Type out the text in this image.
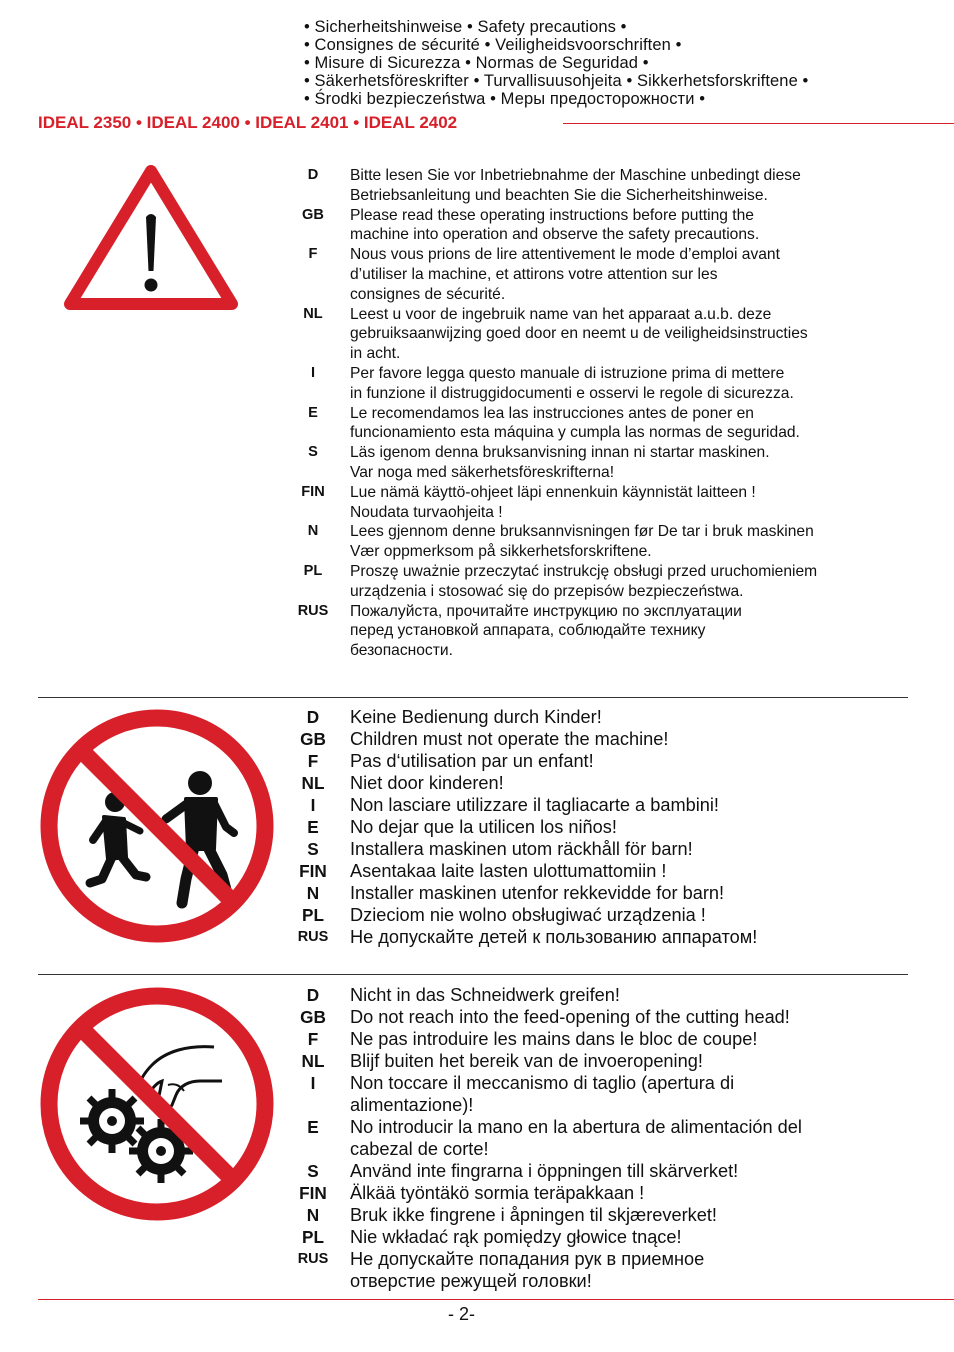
• Sicherheitshinweise • Safety precautions •
• Consignes de sécurité • Veiligheidsvoorschriften •
• Misure di Sicurezza • Normas de Seguridad •
• Säkerhetsföreskrifter • Turvallisuusohjeita • Sikkerhetsforskriftene •
• Środki bezpieczeństwa • Меры предосторожности •
IDEAL 2350 • IDEAL 2400 • IDEAL 2401 • IDEAL 2402
D	Bitte lesen Sie vor Inbetriebnahme der Maschine unbedingt diese
Betriebsanleitung und beachten Sie die Sicherheitshinweise.
GB	Please read these operating instructions before putting the
machine into operation and observe the safety precautions.
F	Nous vous prions de lire attentivement le mode d’emploi avant
d’utiliser la machine, et attirons votre attention sur les
consignes de sécurité.
NL	Leest u voor de ingebruik name van het apparaat a.u.b. deze
gebruiksaanwijzing goed door en neemt u de veiligheidsinstructies
in acht.
I	Per favore legga questo manuale di istruzione prima di mettere
in funzione il distruggidocumenti e osservi le regole di sicurezza.
E	Le recomendamos lea las instrucciones antes de poner en
funcionamiento esta máquina y cumpla las normas de seguridad.
S	Läs igenom denna bruksanvisning innan ni startar maskinen.
Var noga med säkerhetsföreskrifterna!
FIN	Lue nämä käyttö-ohjeet läpi ennenkuin käynnistät laitteen !
Noudata turvaohjeita !
N	Lees gjennom denne bruksannvisningen før De tar i bruk maskinen
Vær oppmerksom på sikkerhetsforskriftene.
PL	Proszę uważnie przeczytać instrukcję obsługi przed uruchomieniem
urządzenia i stosować się do przepisów bezpieczeństwa.
RUS	Пожалуйста, прочитайте инструкцию по эксплуатации
перед установкой аппарата, соблюдайте технику
безопасности.
D	Keine Bedienung durch Kinder!
GB	Children must not operate the machine!
F	Pas d‘utilisation par un enfant!
NL	Niet door kinderen!
I	Non lasciare utilizzare il tagliacarte a bambini!
E	No dejar que la utilicen los niños!
S	Installera maskinen utom räckhåll för barn!
FIN	Asentakaa laite lasten ulottumattomiin !
N	Installer maskinen utenfor rekkevidde for barn!
PL	Dzieciom nie wolno obsługiwać urządzenia !
RUS	Не допускайте детей к пользованию аппаратом!
D	Nicht in das Schneidwerk greifen!
GB	Do not reach into the feed-opening of the cutting head!
F	Ne pas introduire les mains dans le bloc de coupe!
NL	Blijf buiten het bereik van de invoeropening!
I	Non toccare il meccanismo di taglio (apertura di
alimentazione)!
E	No introducir la mano en la abertura de alimentación del
cabezal de corte!
S	Använd inte fingrarna i öppningen till skärverket!
FIN	Älkää työntäkö sormia teräpakkaan !
N	Bruk ikke fingrene i åpningen til skjæreverket!
PL	Nie wkładać rąk pomiędzy głowice tnące!
RUS	Не допускайте попадания рук в приемное
отверстие режущей головки!
- 2-
